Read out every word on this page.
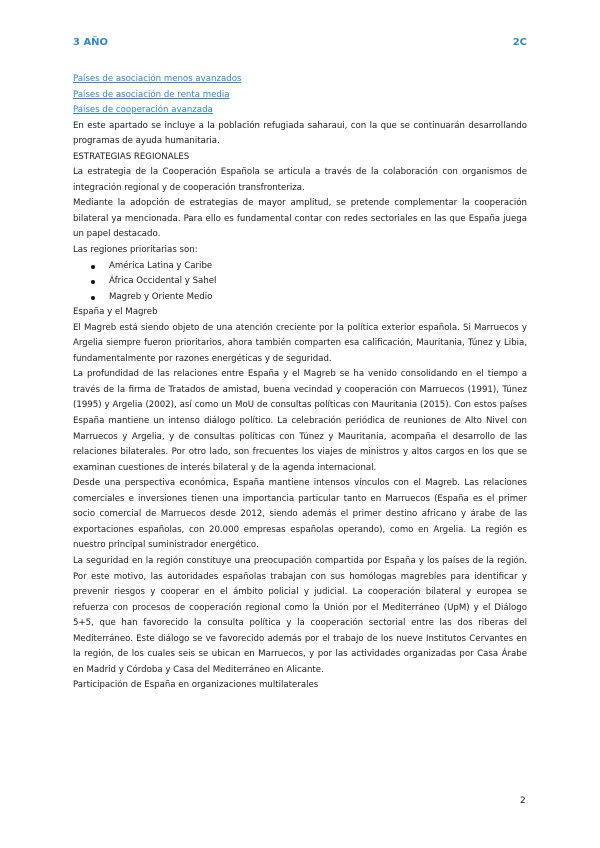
3 AÑO	2C
Países de asociación menos avanzados
Países de asociación de renta media
Países de cooperación avanzada

En este apartado se incluye a la población refugiada saharaui, con la que se continuarán desarrollando programas de ayuda humanitaria.

ESTRATEGIAS REGIONALES

La estrategia de la Cooperación Española se articula a través de la colaboración con organismos de integración regional y de cooperación transfronteriza.

Mediante la adopción de estrategias de mayor amplitud, se pretende complementar la cooperación bilateral ya mencionada. Para ello es fundamental contar con redes sectoriales en las que España juega un papel destacado.

Las regiones prioritarias son:

América Latina y Caribe
África Occidental y Sahel
Magreb y Oriente Medio

España y el Magreb

El Magreb está siendo objeto de una atención creciente por la política exterior española. Si Marruecos y Argelia siempre fueron prioritarios, ahora también comparten esa calificación, Mauritania, Túnez y Libia, fundamentalmente por razones energéticas y de seguridad.

La profundidad de las relaciones entre España y el Magreb se ha venido consolidando en el tiempo a través de la firma de Tratados de amistad, buena vecindad y cooperación con Marruecos (1991), Túnez (1995) y Argelia (2002), así como un MoU de consultas políticas con Mauritania (2015). Con estos países España mantiene un intenso diálogo político. La celebración periódica de reuniones de Alto Nivel con Marruecos y Argelia, y de consultas políticas con Túnez y Mauritania, acompaña el desarrollo de las relaciones bilaterales. Por otro lado, son frecuentes los viajes de ministros y altos cargos en los que se examinan cuestiones de interés bilateral y de la agenda internacional.

Desde una perspectiva económica, España mantiene intensos vínculos con el Magreb. Las relaciones comerciales e inversiones tienen una importancia particular tanto en Marruecos (España es el primer socio comercial de Marruecos desde 2012, siendo además el primer destino africano y árabe de las exportaciones españolas, con 20.000 empresas españolas operando), como en Argelia. La región es nuestro principal suministrador energético.

La seguridad en la región constituye una preocupación compartida por España y los países de la región. Por este motivo, las autoridades españolas trabajan con sus homólogas magrebíes para identificar y prevenir riesgos y cooperar en el ámbito policial y judicial. La cooperación bilateral y europea se refuerza con procesos de cooperación regional como la Unión por el Mediterráneo (UpM) y el Diálogo 5+5, que han favorecido la consulta política y la cooperación sectorial entre las dos riberas del Mediterráneo. Este diálogo se ve favorecido además por el trabajo de los nueve Institutos Cervantes en la región, de los cuales seis se ubican en Marruecos, y por las actividades organizadas por Casa Árabe en Madrid y Córdoba y Casa del Mediterráneo en Alicante.

Participación de España en organizaciones multilaterales

2
